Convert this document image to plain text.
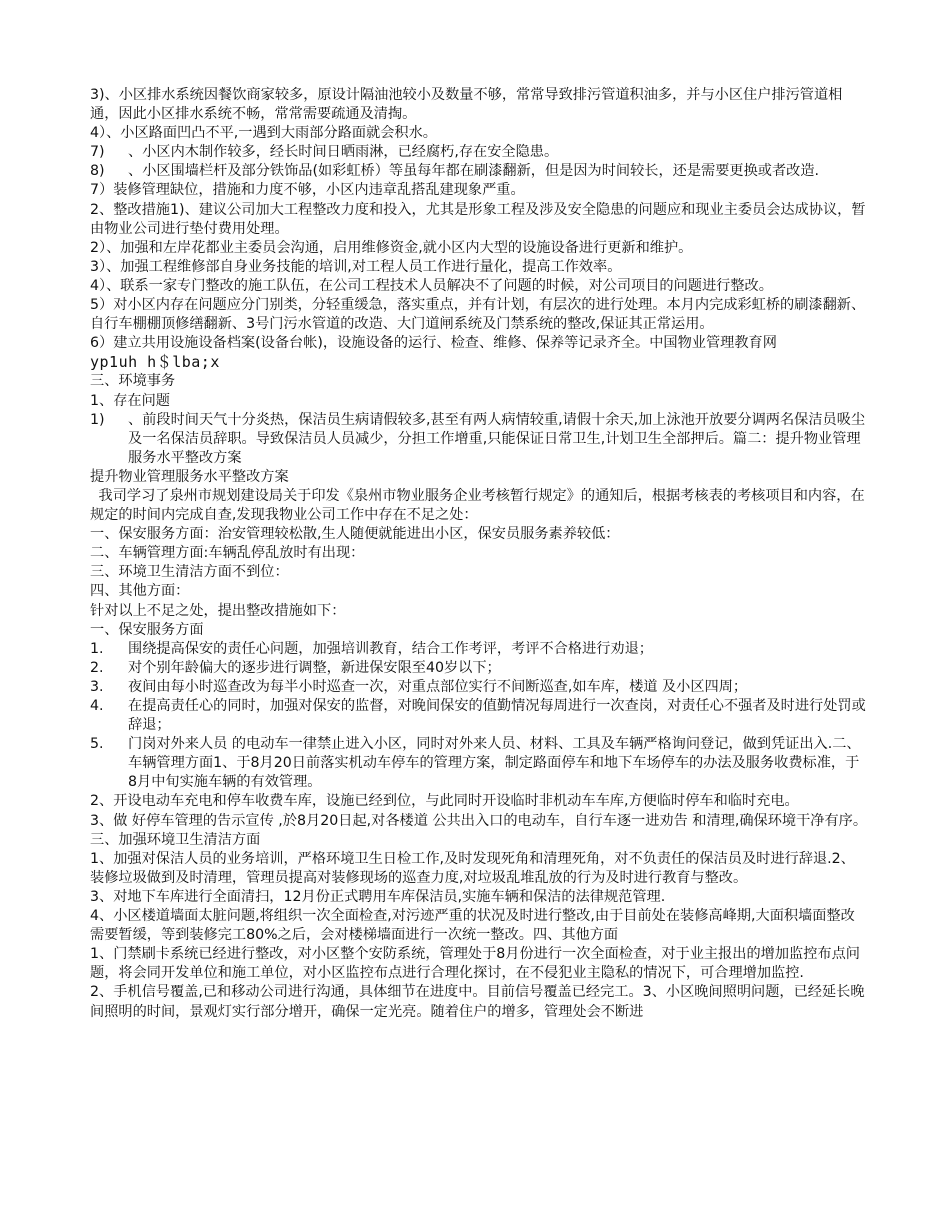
3)、小区排水系统因餐饮商家较多，原设计隔油池较小及数量不够，常常导致排污管道积油多，并与小区住户排污管道相通，因此小区排水系统不畅，常常需要疏通及清掏。

4）、小区路面凹凸不平,一遇到大雨部分路面就会积水。

7)	、小区内木制作较多，经长时间日晒雨淋，已经腐朽,存在安全隐患。
8)	、小区围墙栏杆及部分铁饰品(如彩虹桥）等虽每年都在刷漆翻新，但是因为时间较长，还是需要更换或者改造.

7）装修管理缺位，措施和力度不够，小区内违章乱搭乱建现象严重。

2、整改措施1)、建议公司加大工程整改力度和投入，尤其是形象工程及涉及安全隐患的问题应和现业主委员会达成协议，暂由物业公司进行垫付费用处理。

2）、加强和左岸花都业主委员会沟通，启用维修资金,就小区内大型的设施设备进行更新和维护。

3）、加强工程维修部自身业务技能的培训,对工程人员工作进行量化，提高工作效率。

4）、联系一家专门整改的施工队伍，在公司工程技术人员解决不了问题的时候，对公司项目的问题进行整改。

5）对小区内存在问题应分门别类，分轻重缓急，落实重点，并有计划，有层次的进行处理。本月内完成彩虹桥的刷漆翻新、自行车棚棚顶修缮翻新、3号门污水管道的改造、大门道闸系统及门禁系统的整改,保证其正常运用。

6）建立共用设施设备档案(设备台帐)，设施设备的运行、检查、维修、保养等记录齐全。中国物业管理教育网

yp1uh h＄lba;x

三、环境事务

1、存在问题

1)	、前段时间天气十分炎热，保洁员生病请假较多,甚至有两人病情较重,请假十余天,加上泳池开放要分调两名保洁员吸尘及一名保洁员辞职。导致保洁员人员减少，分担工作增重,只能保证日常卫生,计划卫生全部押后。篇二：提升物业管理服务水平整改方案

提升物业管理服务水平整改方案

我司学习了泉州市规划建设局关于印发《泉州市物业服务企业考核暂行规定》的通知后，根据考核表的考核项目和内容，在规定的时间内完成自查,发现我物业公司工作中存在不足之处：

一、保安服务方面：治安管理较松散,生人随便就能进出小区，保安员服务素养较低：

二、车辆管理方面:车辆乱停乱放时有出现：

三、环境卫生清洁方面不到位：

四、其他方面：

针对以上不足之处，提出整改措施如下：

一、保安服务方面

1.	围绕提高保安的责任心问题，加强培训教育，结合工作考评，考评不合格进行劝退；
2.	对个别年龄偏大的逐步进行调整，新进保安限至40岁以下；
3.	夜间由每小时巡查改为每半小时巡查一次，对重点部位实行不间断巡查,如车库，楼道 及小区四周；
4.	在提高责任心的同时，加强对保安的监督，对晚间保安的值勤情况每周进行一次查岗，对责任心不强者及时进行处罚或辞退；
5.	门岗对外来人员 的电动车一律禁止进入小区，同时对外来人员、材料、工具及车辆严格询问登记，做到凭证出入.二、车辆管理方面1、于8月20日前落实机动车停车的管理方案，制定路面停车和地下车场停车的办法及服务收费标准，于8月中旬实施车辆的有效管理。

2、开设电动车充电和停车收费车库，设施已经到位，与此同时开设临时非机动车车库,方便临时停车和临时充电。

3、做 好停车管理的告示宣传 ,於8月20日起,对各楼道 公共出入口的电动车，自行车逐一进劝告 和清理,确保环境干净有序。

三、加强环境卫生清洁方面

1、加强对保洁人员的业务培训，严格环境卫生日检工作,及时发现死角和清理死角，对不负责任的保洁员及时进行辞退.2、装修垃圾做到及时清理，管理员提高对装修现场的巡查力度,对垃圾乱堆乱放的行为及时进行教育与整改。

3、对地下车库进行全面清扫，12月份正式聘用车库保洁员,实施车辆和保洁的法律规范管理.

4、小区楼道墙面太脏问题,将组织一次全面检查,对污迹严重的状况及时进行整改,由于目前处在装修高峰期,大面积墙面整改需要暂缓，等到装修完工80%之后，会对楼梯墙面进行一次统一整改。四、其他方面

1、门禁刷卡系统已经进行整改，对小区整个安防系统，管理处于8月份进行一次全面检查，对于业主报出的增加监控布点问题，将会同开发单位和施工单位，对小区监控布点进行合理化探讨，在不侵犯业主隐私的情况下，可合理增加监控.

2、手机信号覆盖,已和移动公司进行沟通，具体细节在进度中。目前信号覆盖已经完工。3、小区晚间照明问题，已经延长晚间照明的时间，景观灯实行部分增开，确保一定光亮。随着住户的增多，管理处会不断进
